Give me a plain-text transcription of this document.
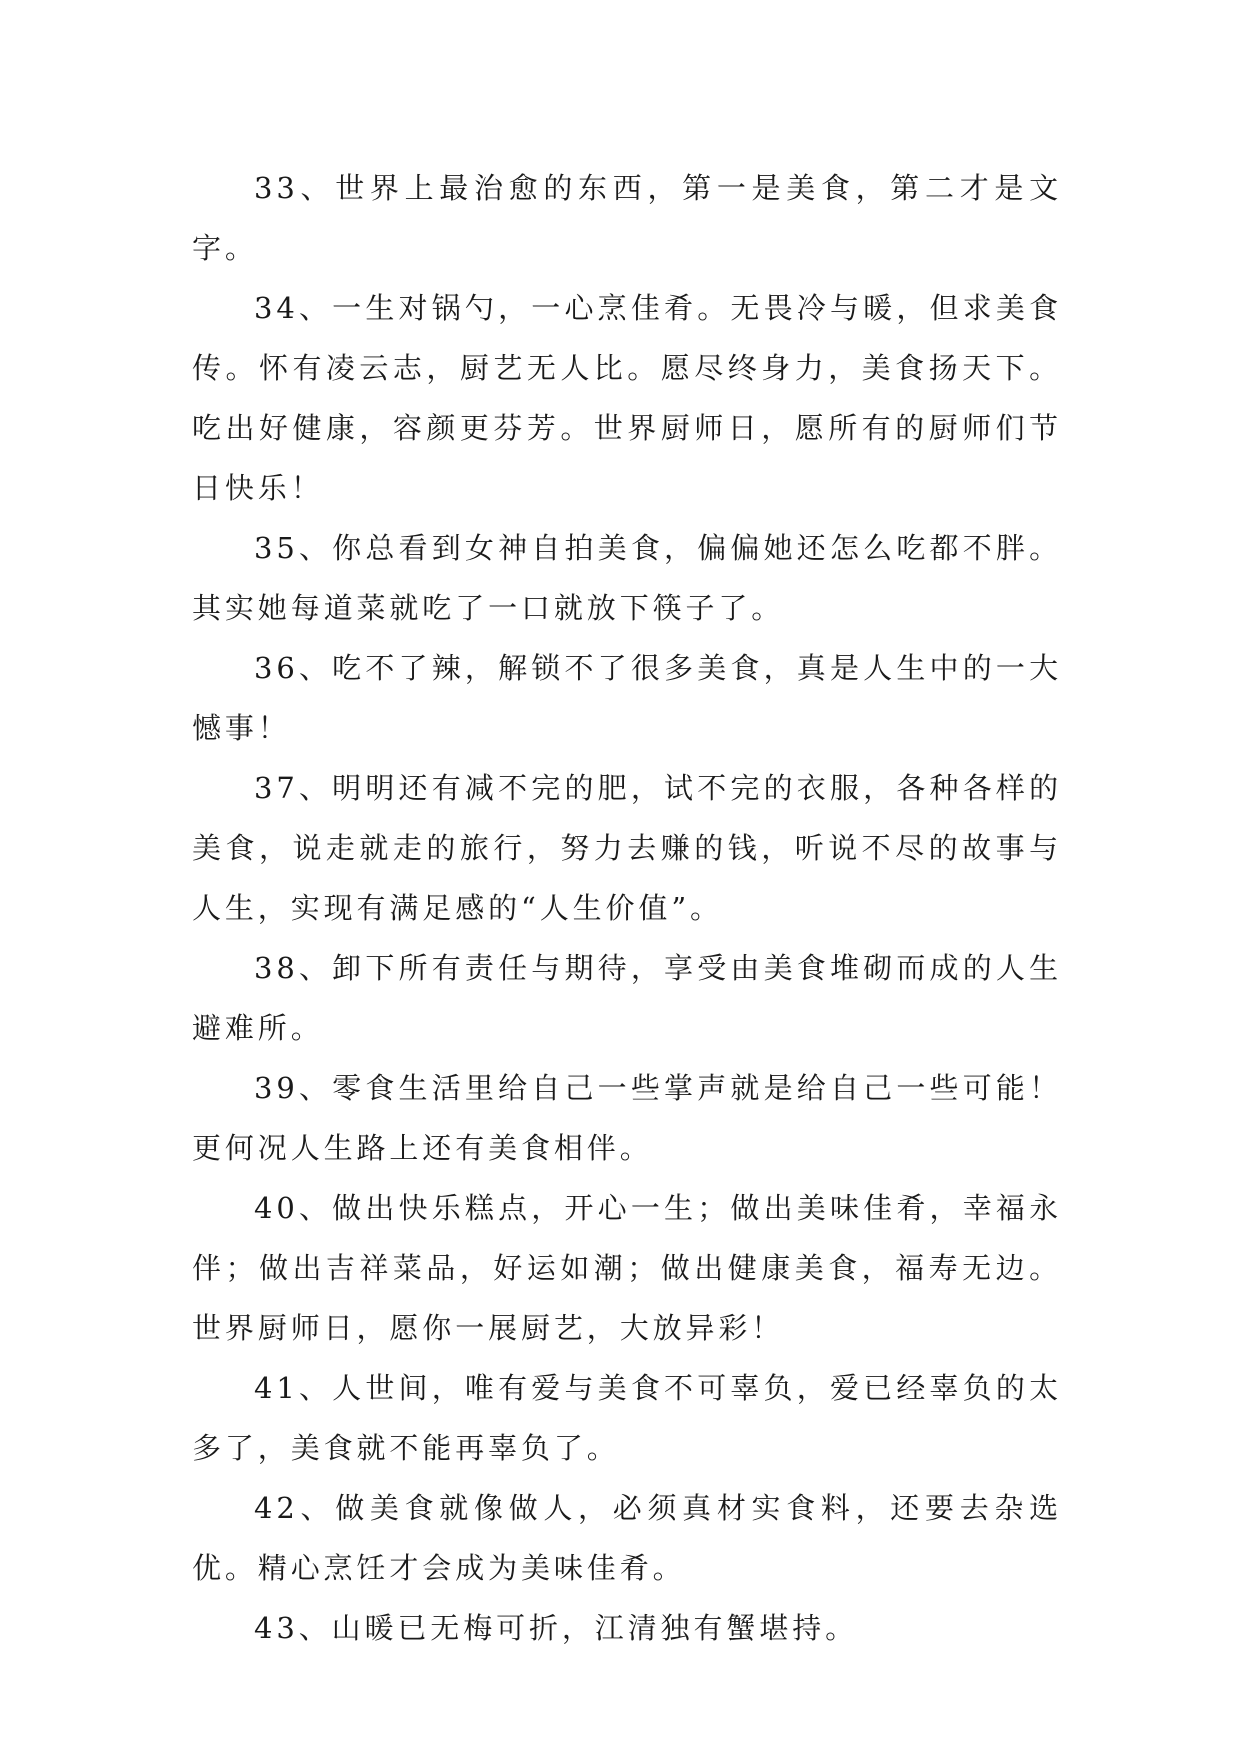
33、世界上最治愈的东西，第一是美食，第二才是文字。

34、一生对锅勺，一心烹佳肴。无畏冷与暖，但求美食传。怀有凌云志，厨艺无人比。愿尽终身力，美食扬天下。吃出好健康，容颜更芬芳。世界厨师日，愿所有的厨师们节日快乐！

35、你总看到女神自拍美食，偏偏她还怎么吃都不胖。其实她每道菜就吃了一口就放下筷子了。

36、吃不了辣，解锁不了很多美食，真是人生中的一大憾事！

37、明明还有减不完的肥，试不完的衣服，各种各样的美食，说走就走的旅行，努力去赚的钱，听说不尽的故事与人生，实现有满足感的“人生价值”。

38、卸下所有责任与期待，享受由美食堆砌而成的人生避难所。

39、零食生活里给自己一些掌声就是给自己一些可能！更何况人生路上还有美食相伴。

40、做出快乐糕点，开心一生；做出美味佳肴，幸福永伴；做出吉祥菜品，好运如潮；做出健康美食，福寿无边。世界厨师日，愿你一展厨艺，大放异彩！

41、人世间，唯有爱与美食不可辜负，爱已经辜负的太多了，美食就不能再辜负了。

42、做美食就像做人，必须真材实食料，还要去杂选优。精心烹饪才会成为美味佳肴。

43、山暖已无梅可折，江清独有蟹堪持。
